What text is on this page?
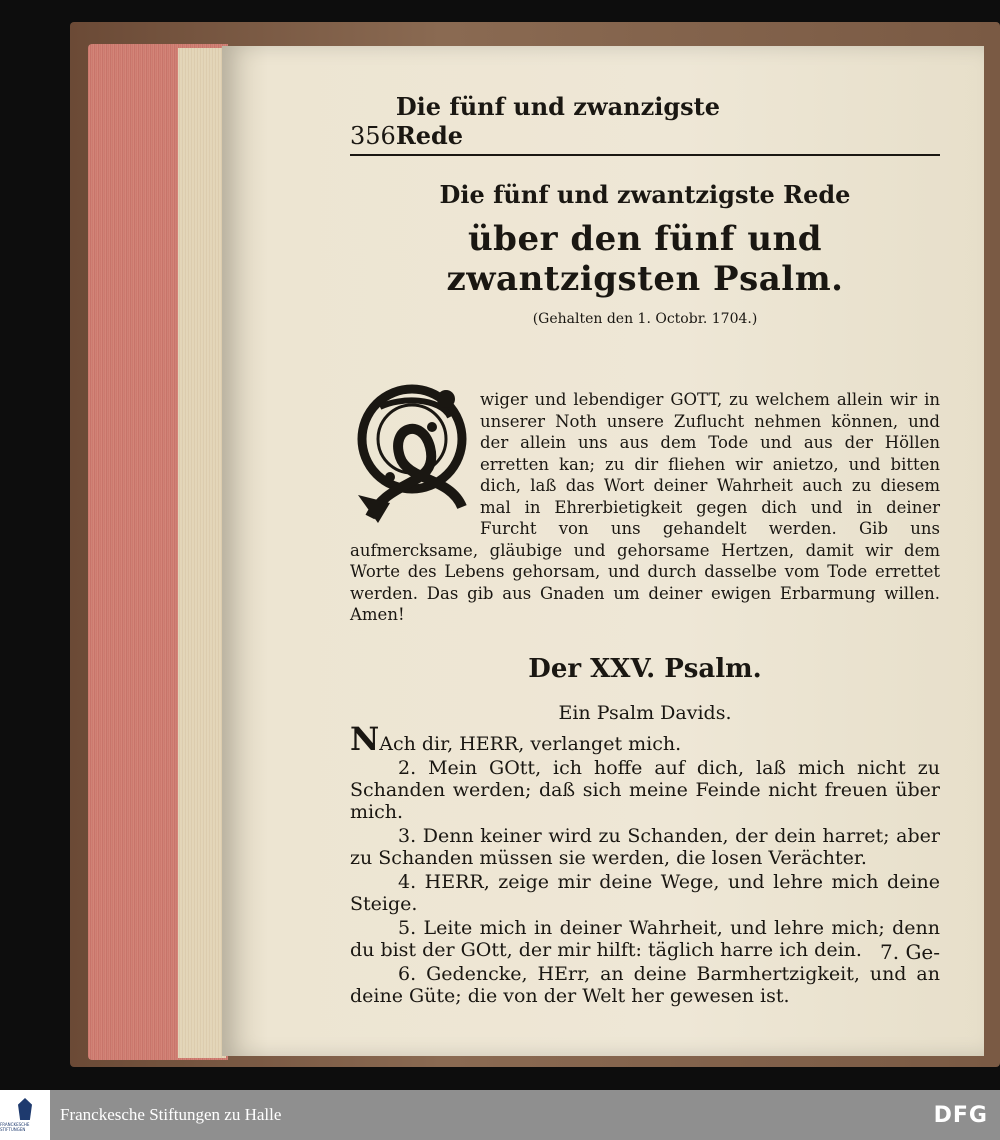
356
Die fünf und zwanzigste Rede
Die fünf und zwantzigste Rede
über den fünf und zwantzigsten Psalm.
(Gehalten den 1. Octobr. 1704.)

wiger und lebendiger GOTT, zu welchem allein wir in unserer Noth unsere Zuflucht nehmen können, und der allein uns aus dem Tode und aus der Höllen erretten kan; zu dir fliehen wir anietzo, und bitten dich, laß das Wort deiner Wahrheit auch zu diesem mal in Ehrerbietigkeit gegen dich und in deiner Furcht von uns gehandelt werden. Gib uns aufmercksame, gläubige und gehorsame Hertzen, damit wir dem Worte des Lebens gehorsam, und durch dasselbe vom Tode errettet werden. Das gib aus Gnaden um deiner ewigen Erbarmung willen. Amen!

Der XXV. Psalm.
Ein Psalm Davids.

NAch dir, HERR, verlanget mich.

2. Mein GOtt, ich hoffe auf dich, laß mich nicht zu Schanden werden; daß sich meine Feinde nicht freuen über mich.

3. Denn keiner wird zu Schanden, der dein harret; aber zu Schanden müssen sie werden, die losen Verächter.

4. HERR, zeige mir deine Wege, und lehre mich deine Steige.

5. Leite mich in deiner Wahrheit, und lehre mich; denn du bist der GOtt, der mir hilft: täglich harre ich dein.

6. Gedencke, HErr, an deine Barmhertzigkeit, und an deine Güte; die von der Welt her gewesen ist.

7. Ge-
FRANCKESCHE STIFTUNGEN
Franckesche Stiftungen zu Halle	DFG
